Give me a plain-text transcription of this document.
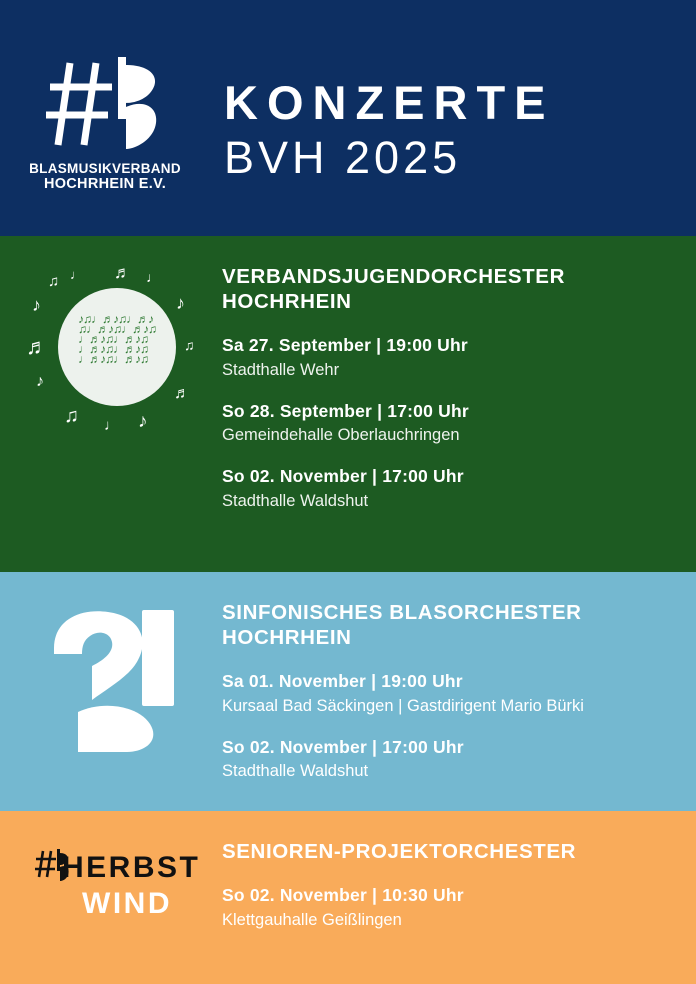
BLASMUSIKVERBAND
HOCHRHEIN E.V.
KONZERTE
BVH 2025
♪♫♩♬♪♫♩♬♪♫♩♬♪♫♩♬♪♫♩♬♪♫♩♬♪♫♩♬♪♫♩♬♪♫♩♬♪♫♩♬♪♫
♪
♫ ♩
♬
♪
♫ ♩ ♪
♬
♫
♪
♩
♬	VERBANDSJUGENDORCHESTER
HOCHRHEIN
Sa 27. September | 19:00 Uhr
Stadthalle Wehr
So 28. September | 17:00 Uhr
Gemeindehalle Oberlauchringen
So 02. November | 17:00 Uhr
Stadthalle Waldshut
SINFONISCHES BLASORCHESTER
HOCHRHEIN
Sa 01. November | 19:00 Uhr
Kursaal Bad Säckingen | Gastdirigent Mario Bürki
So 02. November | 17:00 Uhr
Stadthalle Waldshut
HERBST
WIND
SENIOREN-PROJEKTORCHESTER
So 02. November | 10:30 Uhr
Klettgauhalle Geißlingen
